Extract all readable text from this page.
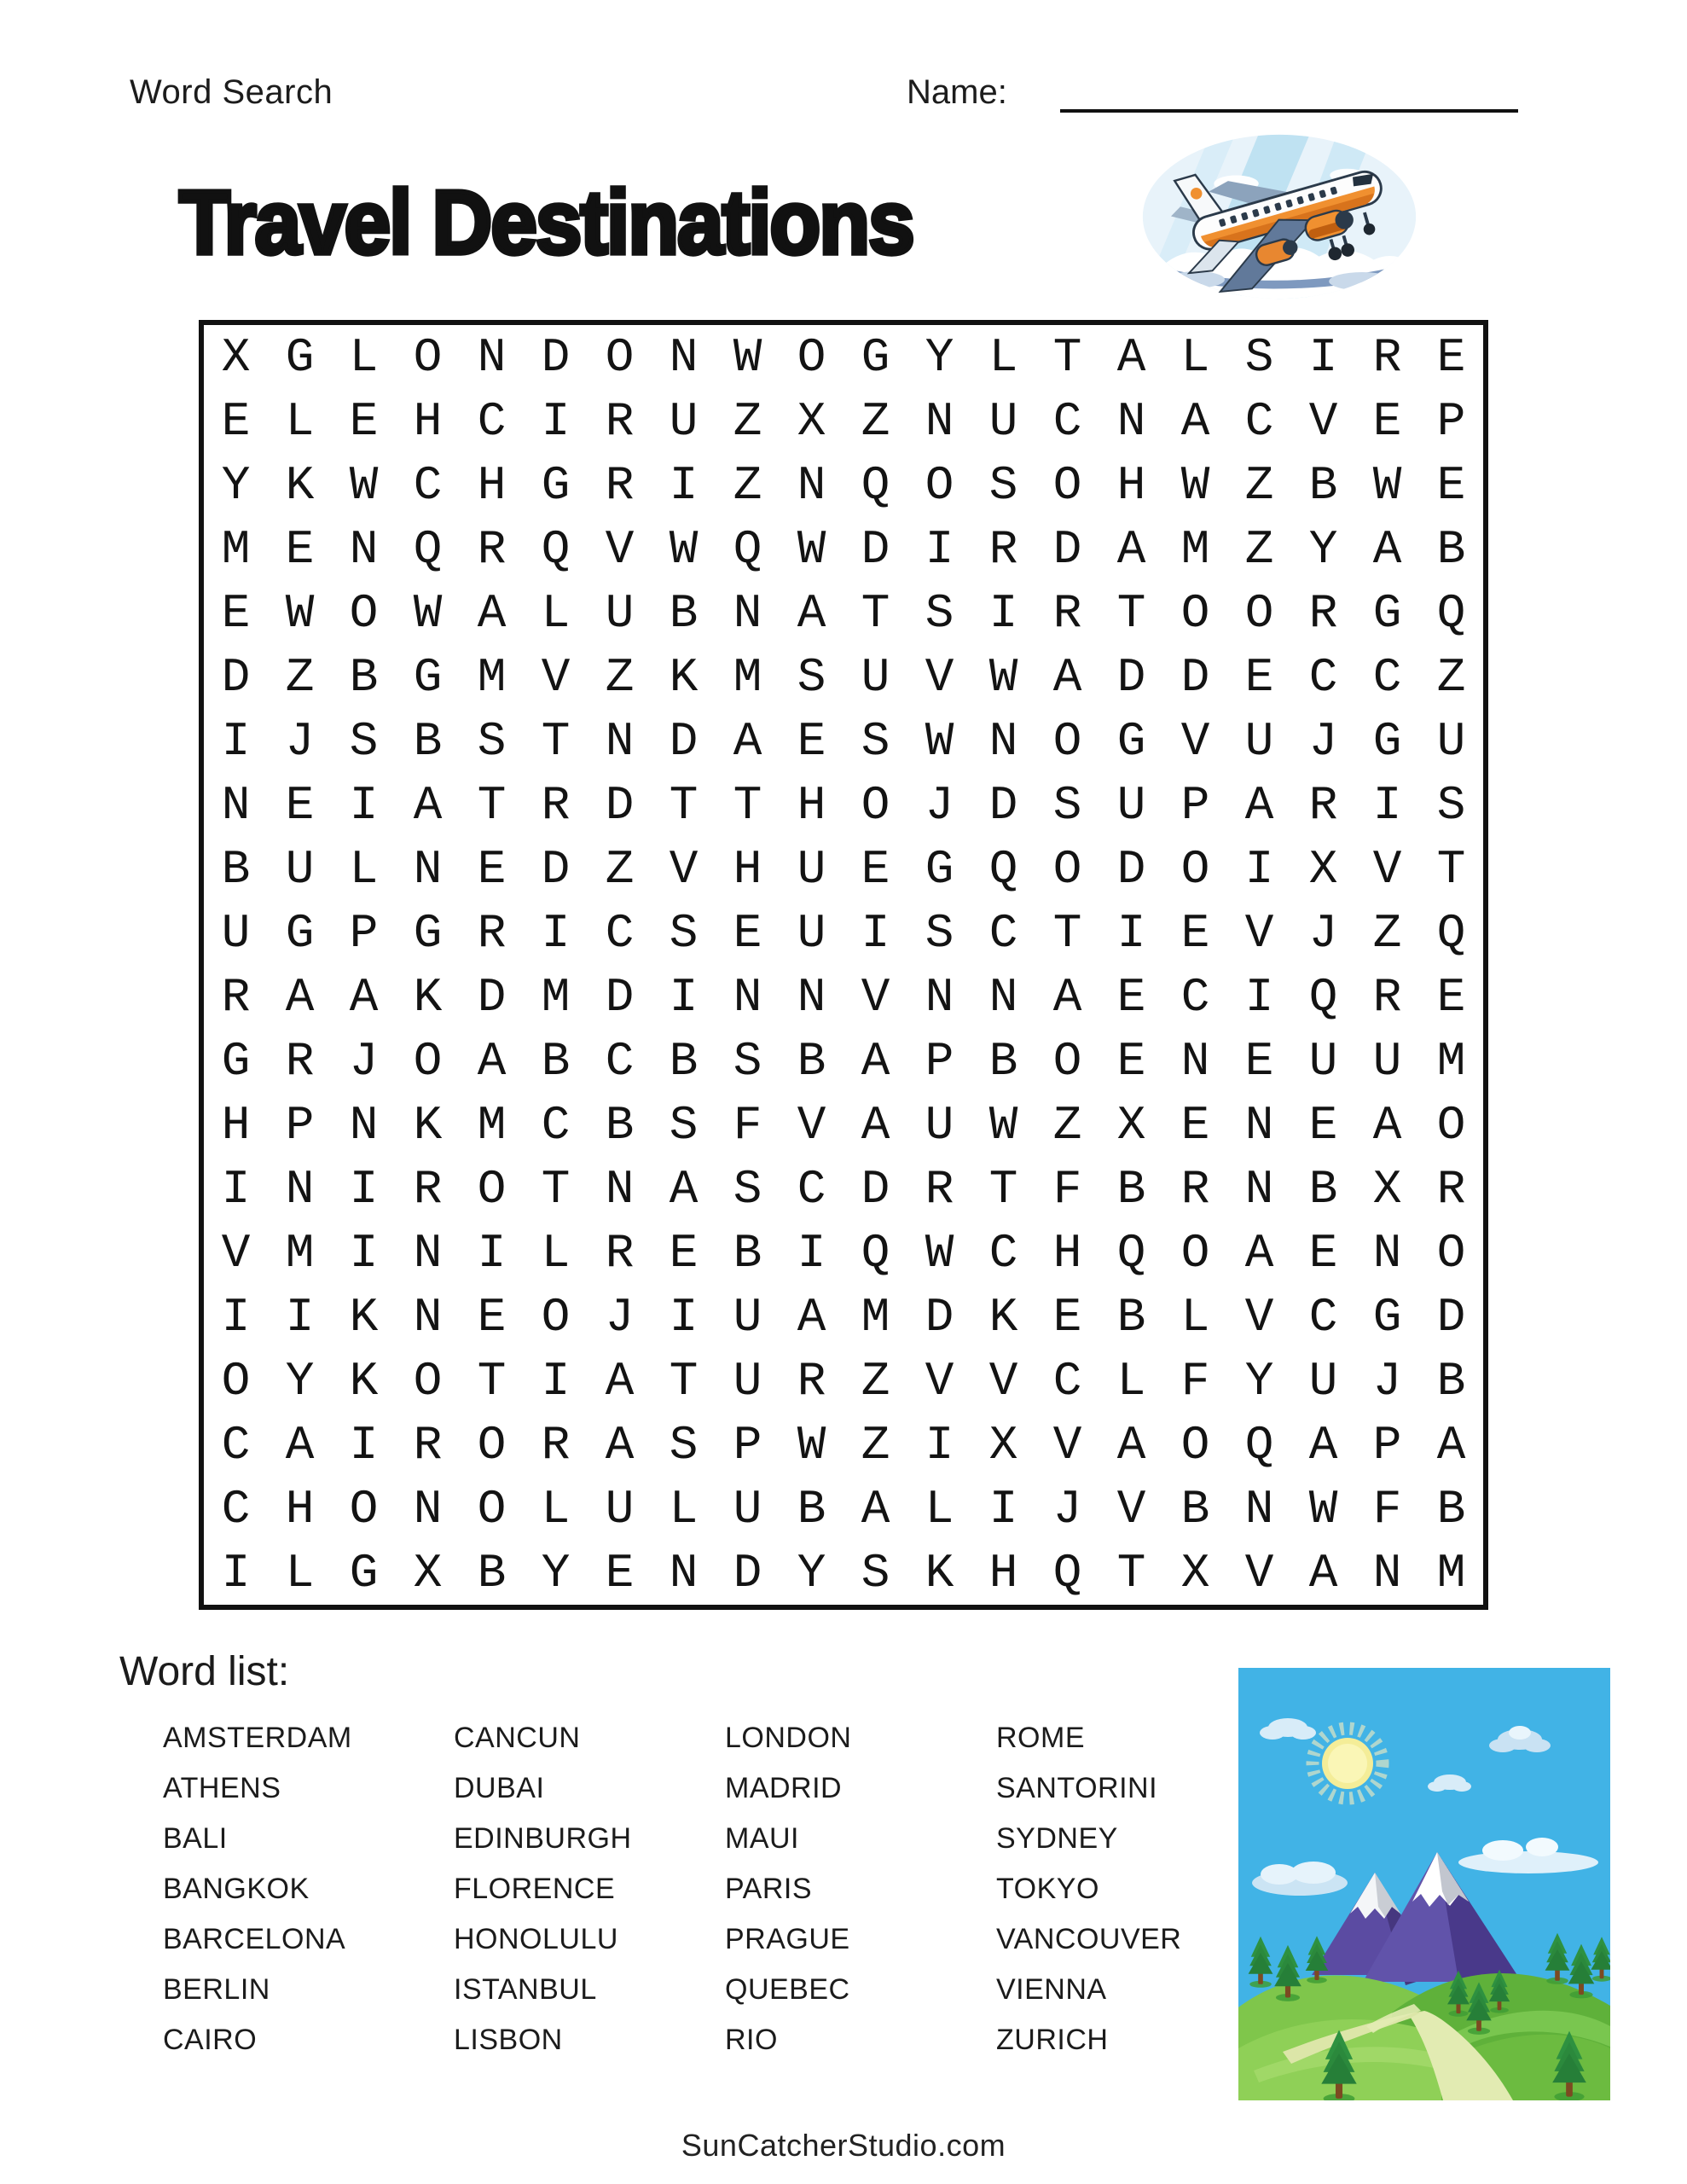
Word Search	Name:
Travel Destinations
X G L O N D O N W O G Y L T A L S I R E
E L E H C I R U Z X Z N U C N A C V E P
Y K W C H G R I Z N Q O S O H W Z B W E
M E N Q R Q V W Q W D I R D A M Z Y A B
E W O W A L U B N A T S I R T O O R G Q
D Z B G M V Z K M S U V W A D D E C C Z
I J S B S T N D A E S W N O G V U J G U
N E I A T R D T T H O J D S U P A R I S
B U L N E D Z V H U E G Q O D O I X V T
U G P G R I C S E U I S C T I E V J Z Q
R A A K D M D I N N V N N A E C I Q R E
G R J O A B C B S B A P B O E N E U U M
H P N K M C B S F V A U W Z X E N E A O
I N I R O T N A S C D R T F B R N B X R
V M I N I L R E B I Q W C H Q O A E N O
I I K N E O J I U A M D K E B L V C G D
O Y K O T I A T U R Z V V C L F Y U J B
C A I R O R A S P W Z I X V A O Q A P A
C H O N O L U L U B A L I J V B N W F B
I L G X B Y E N D Y S K H Q T X V A N M
Word list:
AMSTERDAM
ATHENS
BALI
BANGKOK
BARCELONA
BERLIN
CAIRO
CANCUN
DUBAI
EDINBURGH
FLORENCE
HONOLULU
ISTANBUL
LISBON
LONDON
MADRID
MAUI
PARIS
PRAGUE
QUEBEC
RIO
ROME
SANTORINI
SYDNEY
TOKYO
VANCOUVER
VIENNA
ZURICH
SunCatcherStudio.com
